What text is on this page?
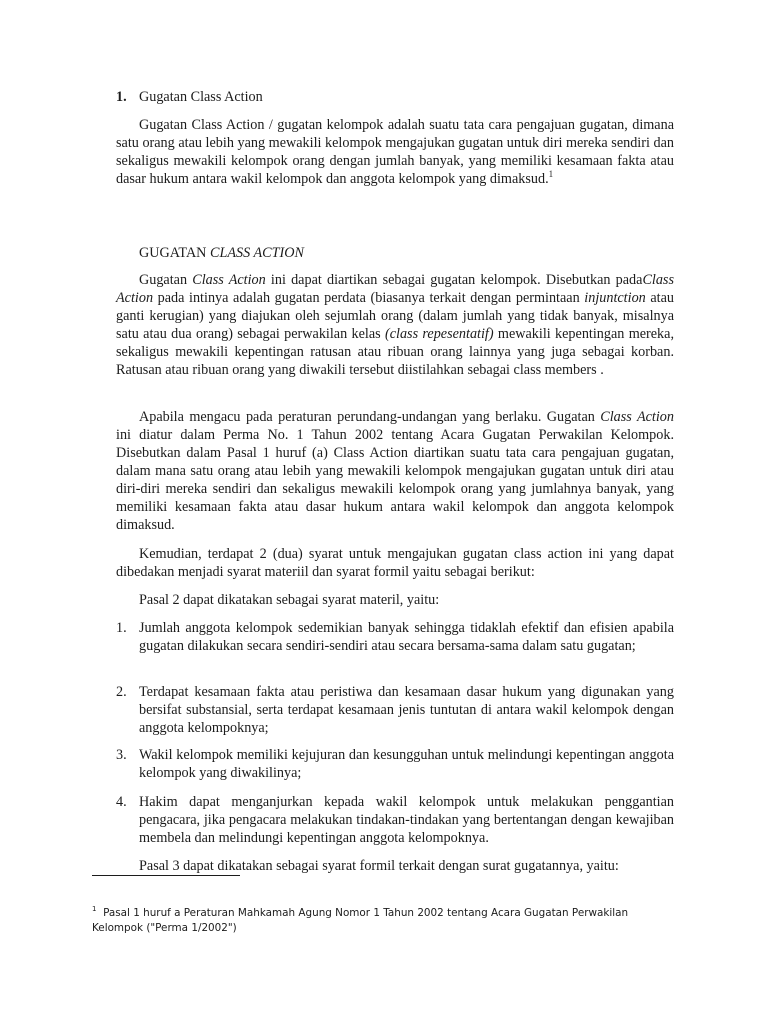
1. Gugatan Class Action

Gugatan Class Action / gugatan kelompok adalah suatu tata cara pengajuan gugatan, dimana satu orang atau lebih yang mewakili kelompok mengajukan gugatan untuk diri mereka sendiri dan sekaligus mewakili kelompok orang dengan jumlah banyak, yang memiliki kesamaan fakta atau dasar hukum antara wakil kelompok dan anggota kelompok yang dimaksud.$^1$

GUGATAN CLASS ACTION

Gugatan Class Action ini dapat diartikan sebagai gugatan kelompok. Disebutkan padaClass Action pada intinya adalah gugatan perdata (biasanya terkait dengan permintaan injuntction atau ganti kerugian) yang diajukan oleh sejumlah orang (dalam jumlah yang tidak banyak, misalnya satu atau dua orang) sebagai perwakilan kelas (class repesentatif) mewakili kepentingan mereka, sekaligus mewakili kepentingan ratusan atau ribuan orang lainnya yang juga sebagai korban. Ratusan atau ribuan orang yang diwakili tersebut diistilahkan sebagai class members .

Apabila mengacu pada peraturan perundang-undangan yang berlaku. Gugatan Class Action ini diatur dalam Perma No. 1 Tahun 2002 tentang Acara Gugatan Perwakilan Kelompok. Disebutkan dalam Pasal 1 huruf (a) Class Action diartikan suatu tata cara pengajuan gugatan, dalam mana satu orang atau lebih yang mewakili kelompok mengajukan gugatan untuk diri atau diri-diri mereka sendiri dan sekaligus mewakili kelompok orang yang jumlahnya banyak, yang memiliki kesamaan fakta atau dasar hukum antara wakil kelompok dan anggota kelompok dimaksud.

Kemudian, terdapat 2 (dua) syarat untuk mengajukan gugatan class action ini yang dapat dibedakan menjadi syarat materiil dan syarat formil yaitu sebagai berikut:

Pasal 2 dapat dikatakan sebagai syarat materil, yaitu:

1. Jumlah anggota kelompok sedemikian banyak sehingga tidaklah efektif dan efisien apabila gugatan dilakukan secara sendiri-sendiri atau secara bersama-sama dalam satu gugatan;
2. Terdapat kesamaan fakta atau peristiwa dan kesamaan dasar hukum yang digunakan yang bersifat substansial, serta terdapat kesamaan jenis tuntutan di antara wakil kelompok dengan anggota kelompoknya;
3. Wakil kelompok memiliki kejujuran dan kesungguhan untuk melindungi kepentingan anggota kelompok yang diwakilinya;
4. Hakim dapat menganjurkan kepada wakil kelompok untuk melakukan penggantian pengacara, jika pengacara melakukan tindakan-tindakan yang bertentangan dengan kewajiban membela dan melindungi kepentingan anggota kelompoknya.

Pasal 3 dapat dikatakan sebagai syarat formil terkait dengan surat gugatannya, yaitu:

$^1$ Pasal 1 huruf a Peraturan Mahkamah Agung Nomor 1 Tahun 2002 tentang Acara Gugatan Perwakilan Kelompok ("Perma 1/2002")
